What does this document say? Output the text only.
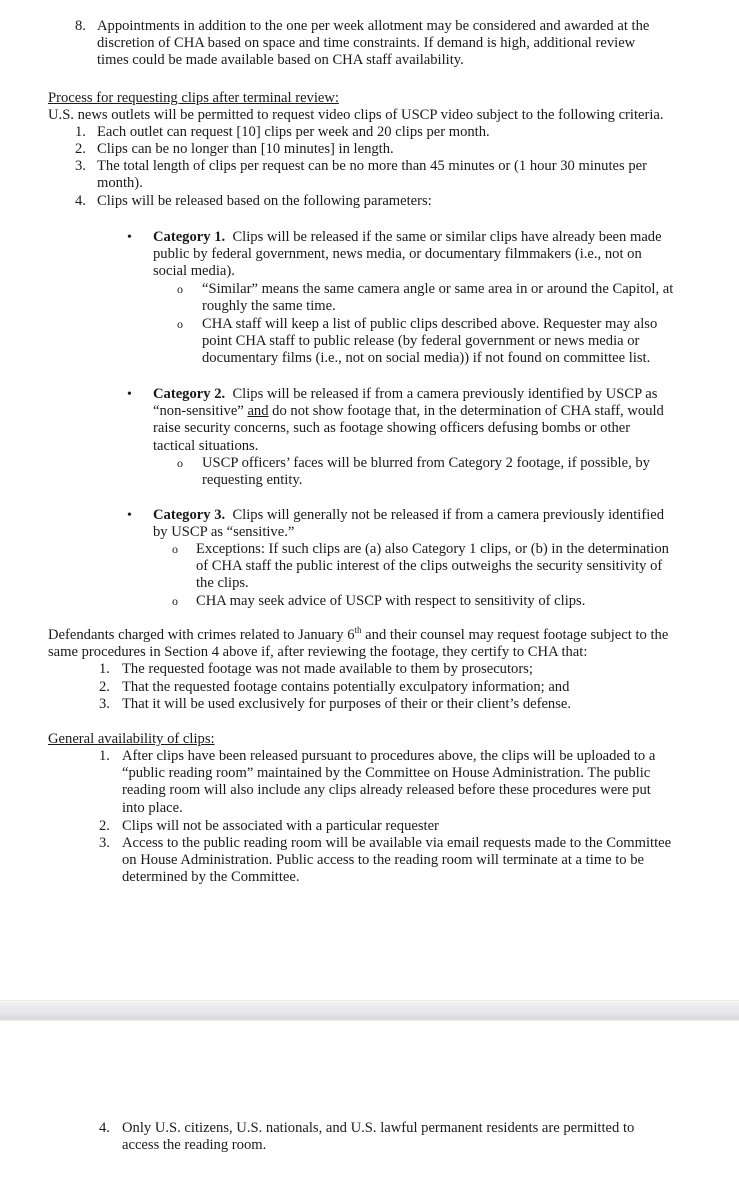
8. Appointments in addition to the one per week allotment may be considered and awarded at the
discretion of CHA based on space and time constraints. If demand is high, additional review
times could be made available based on CHA staff availability.
Process for requesting clips after terminal review:
U.S. news outlets will be permitted to request video clips of USCP video subject to the following criteria.
1. Each outlet can request [10] clips per week and 20 clips per month.
2. Clips can be no longer than [10 minutes] in length.
3. The total length of clips per request can be no more than 45 minutes or (1 hour 30 minutes per
month).
4. Clips will be released based on the following parameters:
• Category 1.  Clips will be released if the same or similar clips have already been made
public by federal government, news media, or documentary filmmakers (i.e., not on
social media).
o “Similar” means the same camera angle or same area in or around the Capitol, at
roughly the same time.
o CHA staff will keep a list of public clips described above. Requester may also
point CHA staff to public release (by federal government or news media or
documentary films (i.e., not on social media)) if not found on committee list.
• Category 2.  Clips will be released if from a camera previously identified by USCP as
“non-sensitive” and do not show footage that, in the determination of CHA staff, would
raise security concerns, such as footage showing officers defusing bombs or other
tactical situations.
o USCP officers’ faces will be blurred from Category 2 footage, if possible, by
requesting entity.
• Category 3.  Clips will generally not be released if from a camera previously identified
by USCP as “sensitive.”
o Exceptions: If such clips are (a) also Category 1 clips, or (b) in the determination
of CHA staff the public interest of the clips outweighs the security sensitivity of
the clips.
o CHA may seek advice of USCP with respect to sensitivity of clips.
Defendants charged with crimes related to January 6th and their counsel may request footage subject to the
same procedures in Section 4 above if, after reviewing the footage, they certify to CHA that:
1. The requested footage was not made available to them by prosecutors;
2. That the requested footage contains potentially exculpatory information; and
3. That it will be used exclusively for purposes of their or their client’s defense.
General availability of clips:
1. After clips have been released pursuant to procedures above, the clips will be uploaded to a
“public reading room” maintained by the Committee on House Administration. The public
reading room will also include any clips already released before these procedures were put
into place.
2. Clips will not be associated with a particular requester
3. Access to the public reading room will be available via email requests made to the Committee
on House Administration. Public access to the reading room will terminate at a time to be
determined by the Committee.
4. Only U.S. citizens, U.S. nationals, and U.S. lawful permanent residents are permitted to
access the reading room.
